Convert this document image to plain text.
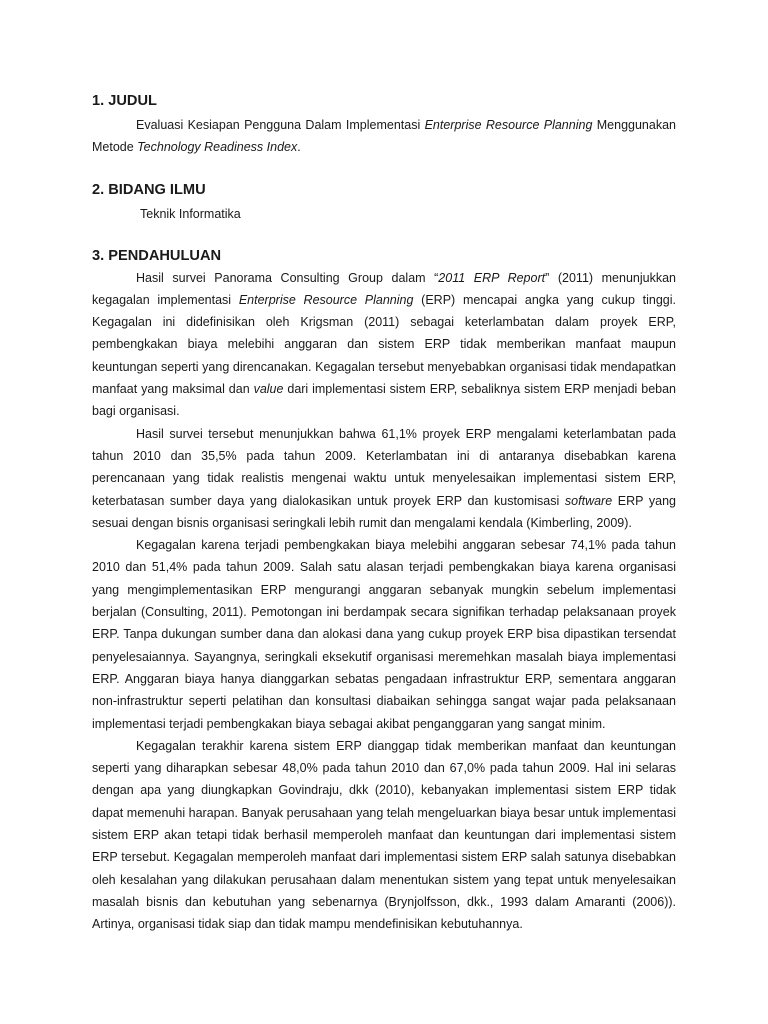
1. JUDUL

Evaluasi Kesiapan Pengguna Dalam Implementasi Enterprise Resource Planning Menggunakan Metode Technology Readiness Index.

2. BIDANG ILMU
Teknik Informatika
3. PENDAHULUAN

Hasil survei Panorama Consulting Group dalam “2011 ERP Report” (2011) menunjukkan kegagalan implementasi Enterprise Resource Planning (ERP) mencapai angka yang cukup tinggi. Kegagalan ini didefinisikan oleh Krigsman (2011) sebagai keterlambatan dalam proyek ERP, pembengkakan biaya melebihi anggaran dan sistem ERP tidak memberikan manfaat maupun keuntungan seperti yang direncanakan. Kegagalan tersebut menyebabkan organisasi tidak mendapatkan manfaat yang maksimal dan value dari implementasi sistem ERP, sebaliknya sistem ERP menjadi beban bagi organisasi.

Hasil survei tersebut menunjukkan bahwa 61,1% proyek ERP mengalami keterlambatan pada tahun 2010 dan 35,5% pada tahun 2009. Keterlambatan ini di antaranya disebabkan karena perencanaan yang tidak realistis mengenai waktu untuk menyelesaikan implementasi sistem ERP, keterbatasan sumber daya yang dialokasikan untuk proyek ERP dan kustomisasi software ERP yang sesuai dengan bisnis organisasi seringkali lebih rumit dan mengalami kendala (Kimberling, 2009).

Kegagalan karena terjadi pembengkakan biaya melebihi anggaran sebesar 74,1% pada tahun 2010 dan 51,4% pada tahun 2009. Salah satu alasan terjadi pembengkakan biaya karena organisasi yang mengimplementasikan ERP mengurangi anggaran sebanyak mungkin sebelum implementasi berjalan (Consulting, 2011). Pemotongan ini berdampak secara signifikan terhadap pelaksanaan proyek ERP. Tanpa dukungan sumber dana dan alokasi dana yang cukup proyek ERP bisa dipastikan tersendat penyelesaiannya. Sayangnya, seringkali eksekutif organisasi meremehkan masalah biaya implementasi ERP. Anggaran biaya hanya dianggarkan sebatas pengadaan infrastruktur ERP, sementara anggaran non-infrastruktur seperti pelatihan dan konsultasi diabaikan sehingga sangat wajar pada pelaksanaan implementasi terjadi pembengkakan biaya sebagai akibat penganggaran yang sangat minim.

Kegagalan terakhir karena sistem ERP dianggap tidak memberikan manfaat dan keuntungan seperti yang diharapkan sebesar 48,0% pada tahun 2010 dan 67,0% pada tahun 2009. Hal ini selaras dengan apa yang diungkapkan Govindraju, dkk (2010), kebanyakan implementasi sistem ERP tidak dapat memenuhi harapan. Banyak perusahaan yang telah mengeluarkan biaya besar untuk implementasi sistem ERP akan tetapi tidak berhasil memperoleh manfaat dan keuntungan dari implementasi sistem ERP tersebut. Kegagalan memperoleh manfaat dari implementasi sistem ERP salah satunya disebabkan oleh kesalahan yang dilakukan perusahaan dalam menentukan sistem yang tepat untuk menyelesaikan masalah bisnis dan kebutuhan yang sebenarnya (Brynjolfsson, dkk., 1993 dalam Amaranti (2006)). Artinya, organisasi tidak siap dan tidak mampu mendefinisikan kebutuhannya.
